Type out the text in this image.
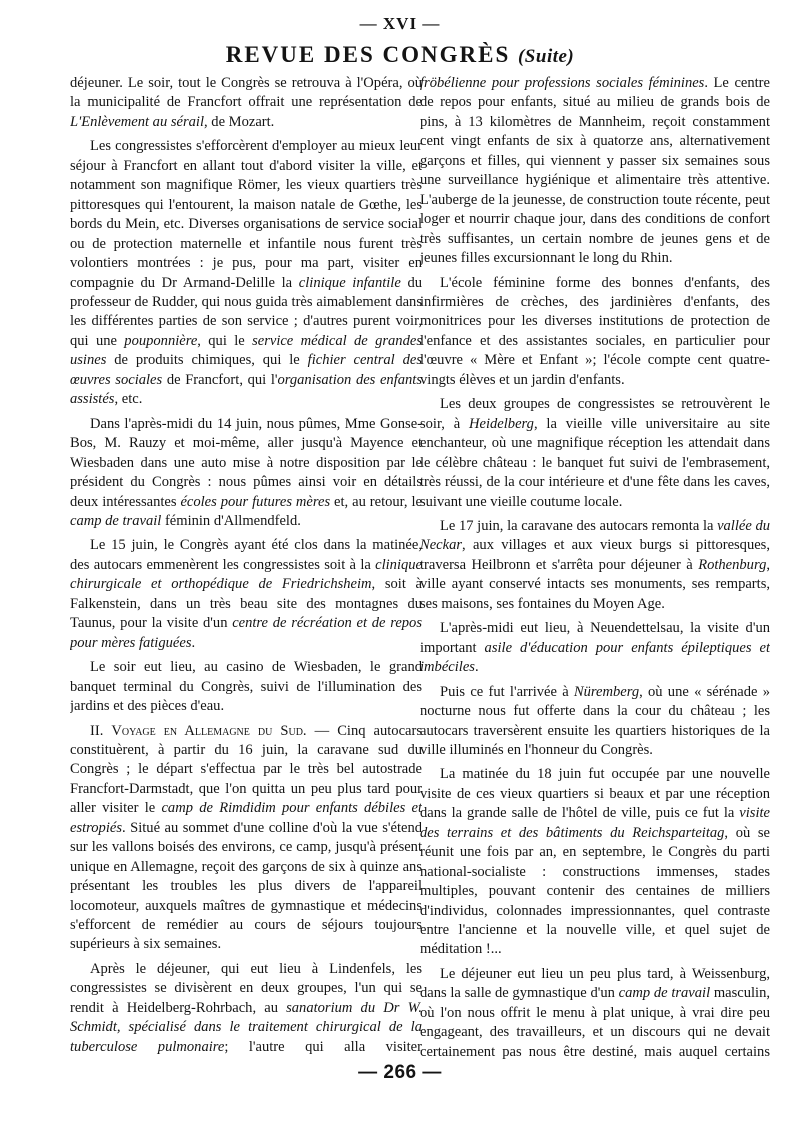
— XVI —
REVUE DES CONGRÈS (Suite)

déjeuner. Le soir, tout le Congrès se retrouva à l'Opéra, où la municipalité de Francfort offrait une représentation de L'Enlèvement au sérail, de Mozart.

Les congressistes s'efforcèrent d'employer au mieux leur séjour à Francfort en allant tout d'abord visiter la ville, et notamment son magnifique Römer, les vieux quartiers très pittoresques qui l'entourent, la maison natale de Gœthe, les bords du Mein, etc. Diverses organisations de service social ou de protection maternelle et infantile nous furent très volontiers montrées : je pus, pour ma part, visiter en compagnie du Dr Armand-Delille la clinique infantile du professeur de Rudder, qui nous guida très aimablement dans les différentes parties de son service ; d'autres purent voir, qui une pouponnière, qui le service médical de grandes usines de produits chimiques, qui le fichier central des œuvres sociales de Francfort, qui l'organisation des enfants assistés, etc.

Dans l'après-midi du 14 juin, nous pûmes, Mme Gonse-Bos, M. Rauzy et moi-même, aller jusqu'à Mayence et Wiesbaden dans une auto mise à notre disposition par le président du Congrès : nous pûmes ainsi voir en détails deux intéressantes écoles pour futures mères et, au retour, le camp de travail féminin d'Allmendfeld.

Le 15 juin, le Congrès ayant été clos dans la matinée, des autocars emmenèrent les congressistes soit à la clinique chirurgicale et orthopédique de Friedrichsheim, soit à Falkenstein, dans un très beau site des montagnes du Taunus, pour la visite d'un centre de récréation et de repos pour mères fatiguées.

Le soir eut lieu, au casino de Wiesbaden, le grand banquet terminal du Congrès, suivi de l'illumination des jardins et des pièces d'eau.

II. Voyage en Allemagne du Sud. — Cinq autocars constituèrent, à partir du 16 juin, la caravane sud du Congrès ; le départ s'effectua par le très bel autostrade Francfort-Darmstadt, que l'on quitta un peu plus tard pour aller visiter le camp de Rimdidim pour enfants débiles et estropiés. Situé au sommet d'une colline d'où la vue s'étend sur les vallons boisés des environs, ce camp, jusqu'à présent unique en Allemagne, reçoit des garçons de six à quinze ans présentant les troubles les plus divers de l'appareil locomoteur, auxquels maîtres de gymnastique et médecins s'efforcent de remédier au cours de séjours toujours supérieurs à six semaines.

Après le déjeuner, qui eut lieu à Lindenfels, les congressistes se divisèrent en deux groupes, l'un qui se rendit à Heidelberg-Rohrbach, au sanatorium du Dr W. Schmidt, spécialisé dans le traitement chirurgical de la tuberculose pulmonaire; l'autre qui alla visiter

fröbélienne pour professions sociales féminines. Le centre de repos pour enfants, situé au milieu de grands bois de pins, à 13 kilomètres de Mannheim, reçoit constamment cent vingt enfants de six à quatorze ans, alternativement garçons et filles, qui viennent y passer six semaines sous une surveillance hygiénique et alimentaire très attentive. L'auberge de la jeunesse, de construction toute récente, peut loger et nourrir chaque jour, dans des conditions de confort très suffisantes, un certain nombre de jeunes gens et de jeunes filles excursionnant le long du Rhin.

L'école féminine forme des bonnes d'enfants, des infirmières de crèches, des jardinières d'enfants, des monitrices pour les diverses institutions de protection de l'enfance et des assistantes sociales, en particulier pour l'œuvre « Mère et Enfant »; l'école compte cent quatre-vingts élèves et un jardin d'enfants.

Les deux groupes de congressistes se retrouvèrent le soir, à Heidelberg, la vieille ville universitaire au site enchanteur, où une magnifique réception les attendait dans le célèbre château : le banquet fut suivi de l'embrasement, très réussi, de la cour intérieure et d'une fête dans les caves, suivant une vieille coutume locale.

Le 17 juin, la caravane des autocars remonta la vallée du Neckar, aux villages et aux vieux burgs si pittoresques, traversa Heilbronn et s'arrêta pour déjeuner à Rothenburg, ville ayant conservé intacts ses monuments, ses remparts, ses maisons, ses fontaines du Moyen Age.

L'après-midi eut lieu, à Neuendettelsau, la visite d'un important asile d'éducation pour enfants épileptiques et imbéciles.

Puis ce fut l'arrivée à Nüremberg, où une « sérénade » nocturne nous fut offerte dans la cour du château ; les autocars traversèrent ensuite les quartiers historiques de la ville illuminés en l'honneur du Congrès.

La matinée du 18 juin fut occupée par une nouvelle visite de ces vieux quartiers si beaux et par une réception dans la grande salle de l'hôtel de ville, puis ce fut la visite des terrains et des bâtiments du Reichsparteitag, où se réunit une fois par an, en septembre, le Congrès du parti national-socialiste : constructions immenses, stades multiples, pouvant contenir des centaines de milliers d'individus, colonnades impressionnantes, quel contraste entre l'ancienne et la nouvelle ville, et quel sujet de méditation !...

Le déjeuner eut lieu un peu plus tard, à Weissenburg, dans la salle de gymnastique d'un camp de travail masculin, où l'on nous offrit le menu à plat unique, à vrai dire peu engageant, des travailleurs, et un discours qui ne devait certainement pas nous être destiné, mais auquel certains

— 266 —
